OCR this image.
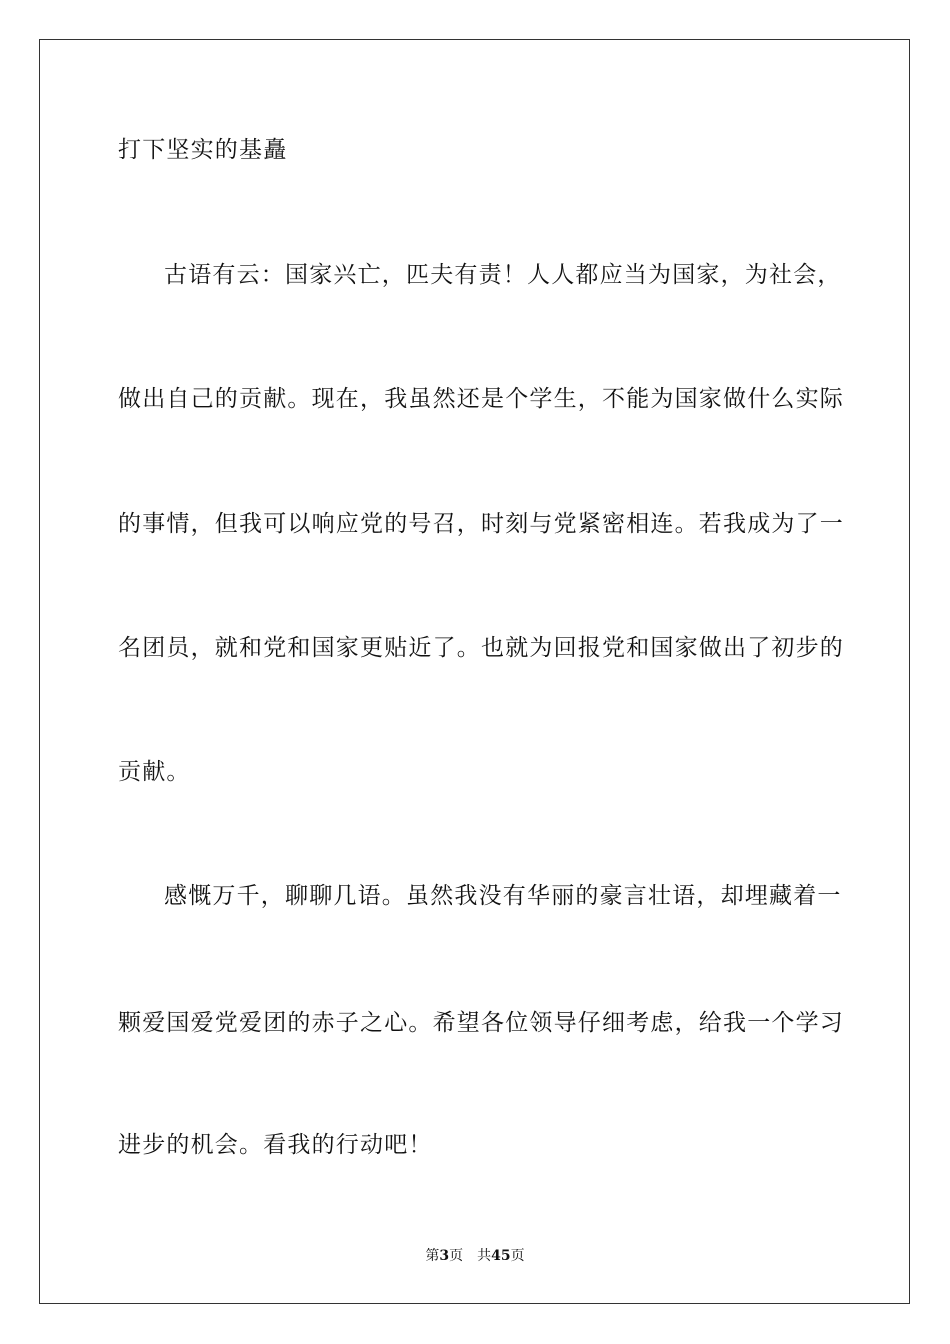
打下坚实的基矗
古语有云：国家兴亡，匹夫有责！人人都应当为国家，为社会，
做出自己的贡献。现在，我虽然还是个学生，不能为国家做什么实际
的事情，但我可以响应党的号召，时刻与党紧密相连。若我成为了一
名团员，就和党和国家更贴近了。也就为回报党和国家做出了初步的
贡献。
感慨万千，聊聊几语。虽然我没有华丽的豪言壮语，却埋藏着一
颗爱国爱党爱团的赤子之心。希望各位领导仔细考虑，给我一个学习
进步的机会。看我的行动吧！
第3页 共45页
